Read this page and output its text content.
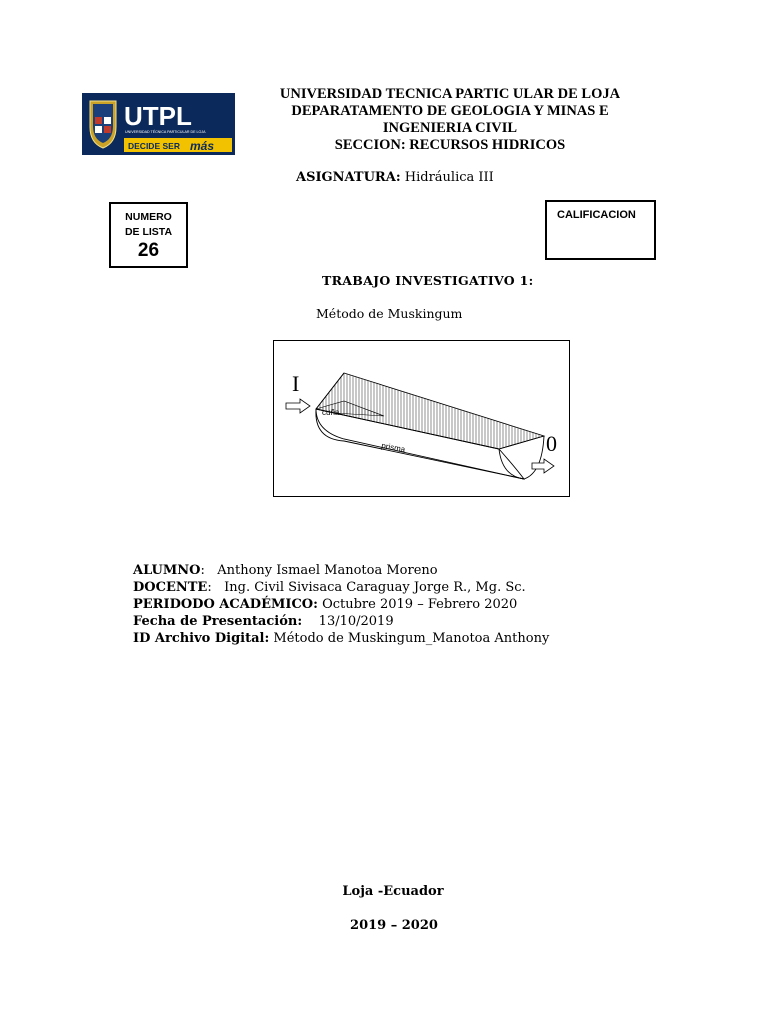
UTPL
UNIVERSIDAD TÉCNICA PARTICULAR DE LOJA
DECIDE SER más
UNIVERSIDAD TECNICA PARTIC ULAR DE LOJA
DEPARATAMENTO DE GEOLOGIA Y MINAS E
INGENIERIA CIVIL
SECCION: RECURSOS HIDRICOS
ASIGNATURA: Hidráulica III
NUMERO
DE LISTA
26
CALIFICACION
TRABAJO INVESTIGATIVO 1:
Método de Muskingum
I
0
cuña
prisma
ALUMNO: Anthony Ismael Manotoa Moreno
DOCENTE: Ing. Civil Sivisaca Caraguay Jorge R., Mg. Sc.
PERIDODO ACADÉMICO: Octubre 2019 – Febrero 2020
Fecha de Presentación: 13/10/2019
ID Archivo Digital: Método de Muskingum_Manotoa Anthony
Loja -Ecuador
2019 – 2020
